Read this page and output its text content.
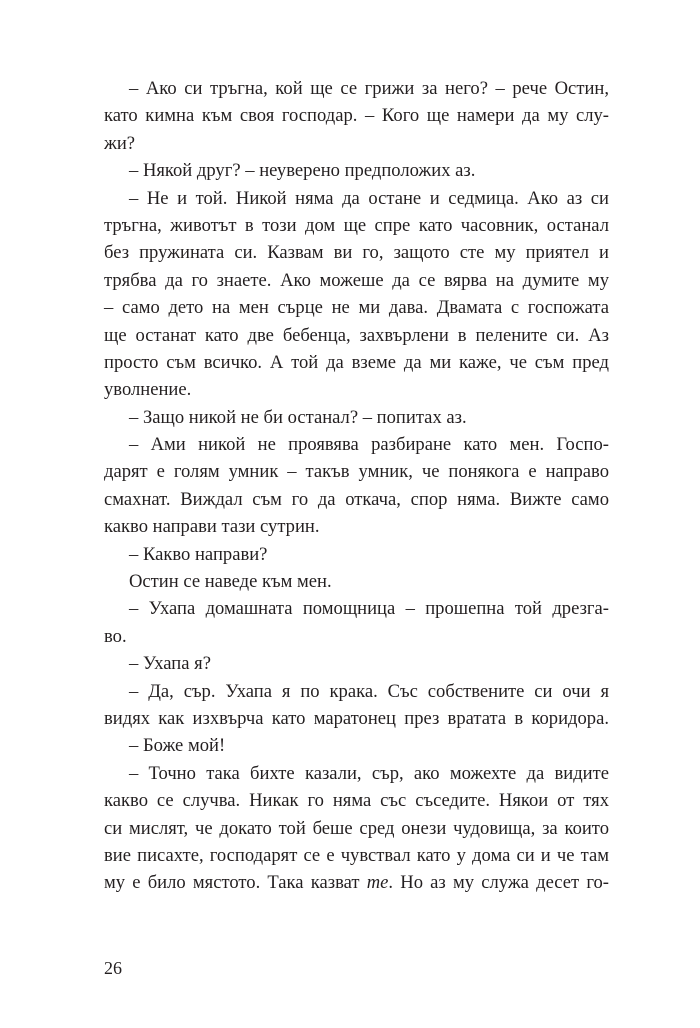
– Ако си тръгна, кой ще се грижи за него? – рече Остин,
като кимна към своя господар. – Кого ще намери да му слу-
жи?
– Някой друг? – неуверено предположих аз.
– Не и той. Никой няма да остане и седмица. Ако аз си
тръгна, животът в този дом ще спре като часовник, останал
без пружината си. Казвам ви го, защото сте му приятел и
трябва да го знаете. Ако можеше да се вярва на думите му
– само дето на мен сърце не ми дава. Двамата с госпожата
ще останат като две бебенца, захвърлени в пелените си. Аз
просто съм всичко. А той да вземе да ми каже, че съм пред
уволнение.
– Защо никой не би останал? – попитах аз.
– Ами никой не проявява разбиране като мен. Госпо-
дарят е голям умник – такъв умник, че понякога е направо
смахнат. Виждал съм го да откача, спор няма. Вижте само
какво направи тази сутрин.
– Какво направи?
Остин се наведе към мен.
– Ухапа домашната помощница – прошепна той дрезга-
во.
– Ухапа я?
– Да, сър. Ухапа я по крака. Със собствените си очи я
видях как изхвърча като маратонец през вратата в коридора.
– Боже мой!
– Точно така бихте казали, сър, ако можехте да видите
какво се случва. Никак го няма със съседите. Някои от тях
си мислят, че докато той беше сред онези чудовища, за които
вие писахте, господарят се е чувствал като у дома си и че там
му е било мястото. Така казват те. Но аз му служа десет го-
26
